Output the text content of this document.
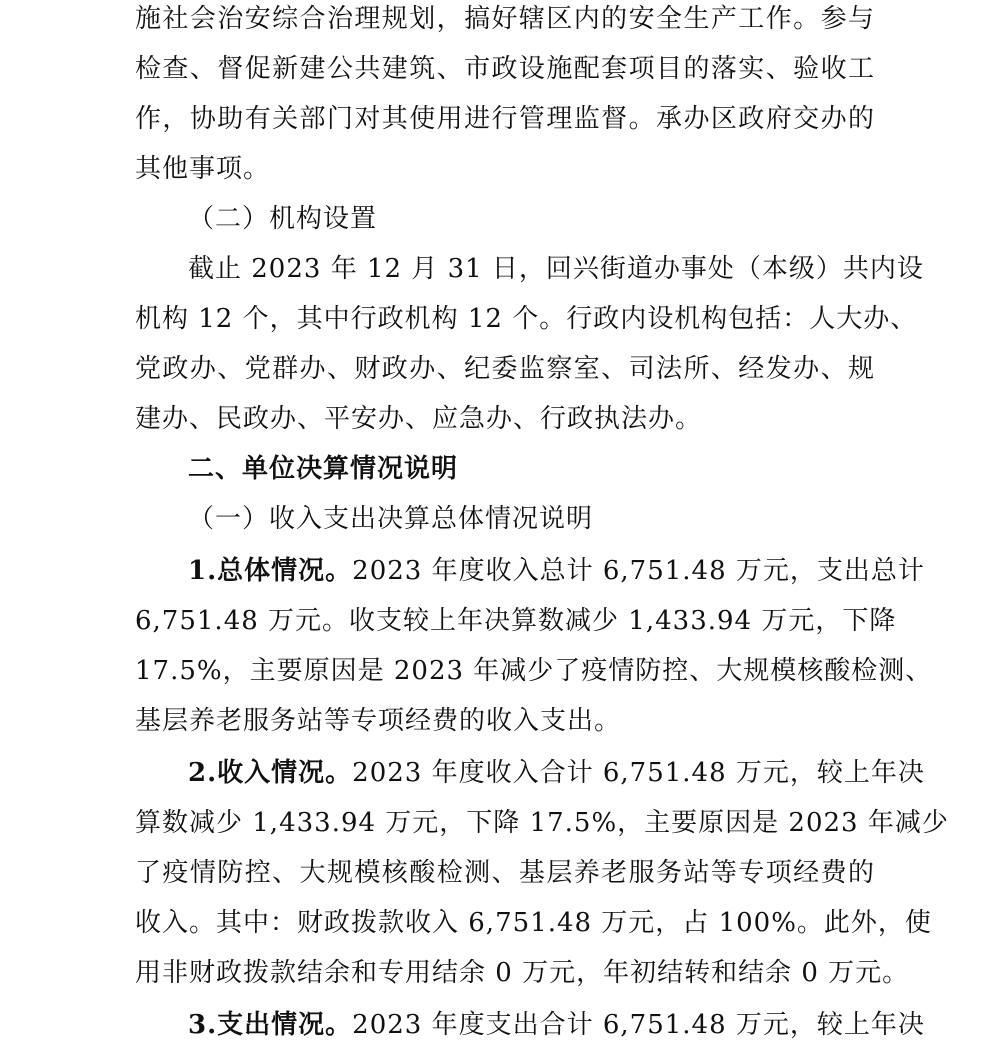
施社会治安综合治理规划，搞好辖区内的安全生产工作。参与
检查、督促新建公共建筑、市政设施配套项目的落实、验收工
作，协助有关部门对其使用进行管理监督。承办区政府交办的
其他事项。
（二）机构设置
截止 2023 年 12 月 31 日，回兴街道办事处（本级）共内设
机构 12 个，其中行政机构 12 个。行政内设机构包括：人大办、
党政办、党群办、财政办、纪委监察室、司法所、经发办、规
建办、民政办、平安办、应急办、行政执法办。
二、单位决算情况说明
（一）收入支出决算总体情况说明
1.总体情况。2023 年度收入总计 6,751.48 万元，支出总计
6,751.48 万元。收支较上年决算数减少 1,433.94 万元，下降
17.5%，主要原因是 2023 年减少了疫情防控、大规模核酸检测、
基层养老服务站等专项经费的收入支出。
2.收入情况。2023 年度收入合计 6,751.48 万元，较上年决
算数减少 1,433.94 万元，下降 17.5%，主要原因是 2023 年减少
了疫情防控、大规模核酸检测、基层养老服务站等专项经费的
收入。其中：财政拨款收入 6,751.48 万元，占 100%。此外，使
用非财政拨款结余和专用结余 0 万元，年初结转和结余 0 万元。
3.支出情况。2023 年度支出合计 6,751.48 万元，较上年决
